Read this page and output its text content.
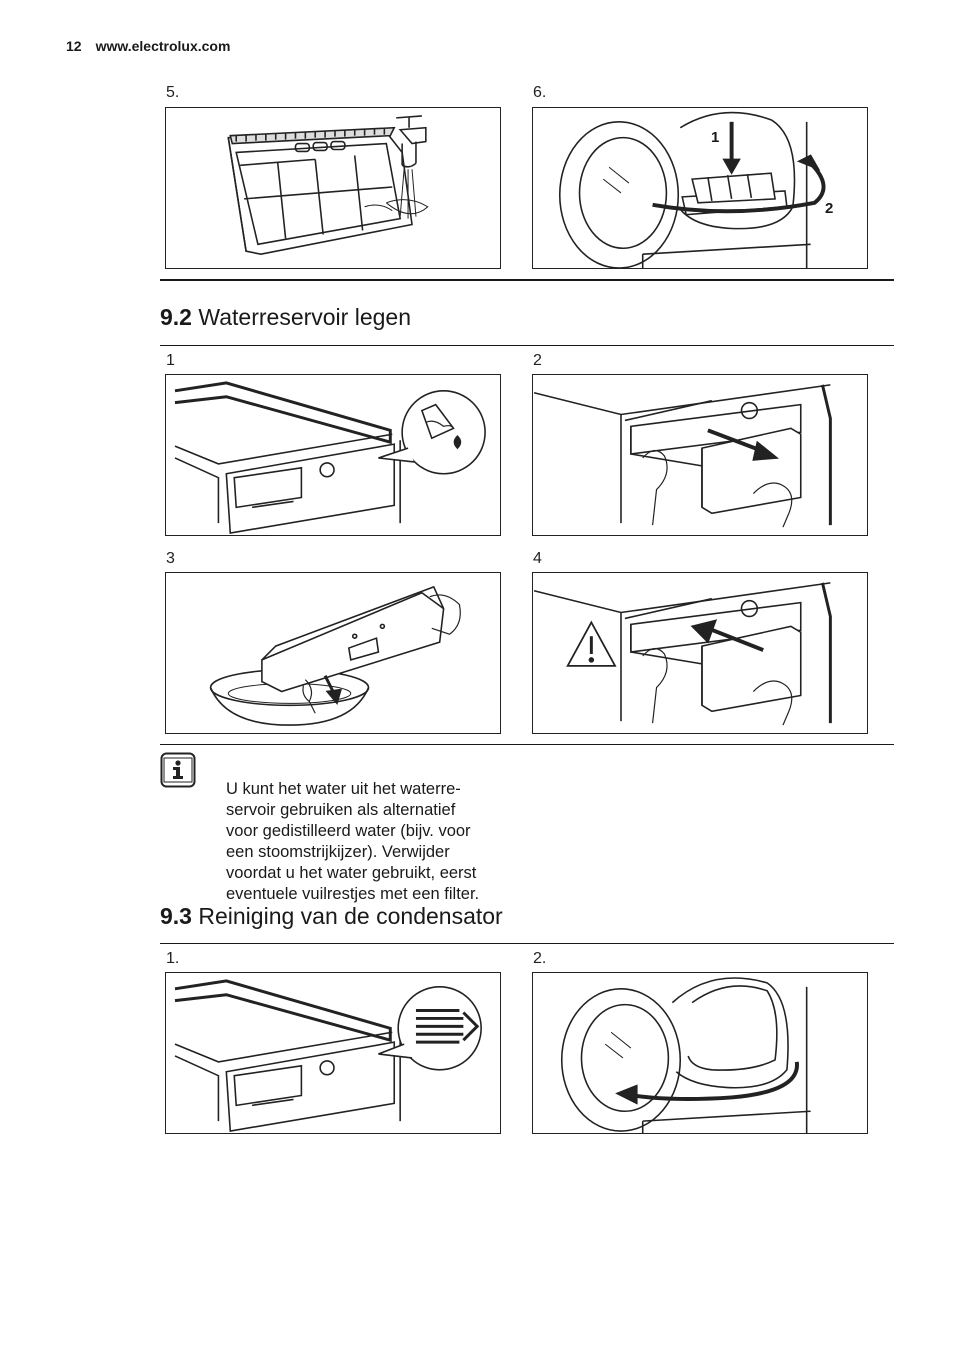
12 www.electrolux.com
5.	6.
1
2
9.2 Waterreservoir legen
1	2
3	4
U kunt het water uit het waterre-
servoir gebruiken als alternatief
voor gedistilleerd water (bijv. voor
een stoomstrijkijzer). Verwijder
voordat u het water gebruikt, eerst
eventuele vuilrestjes met een filter.
9.3 Reiniging van de condensator
1.	2.
